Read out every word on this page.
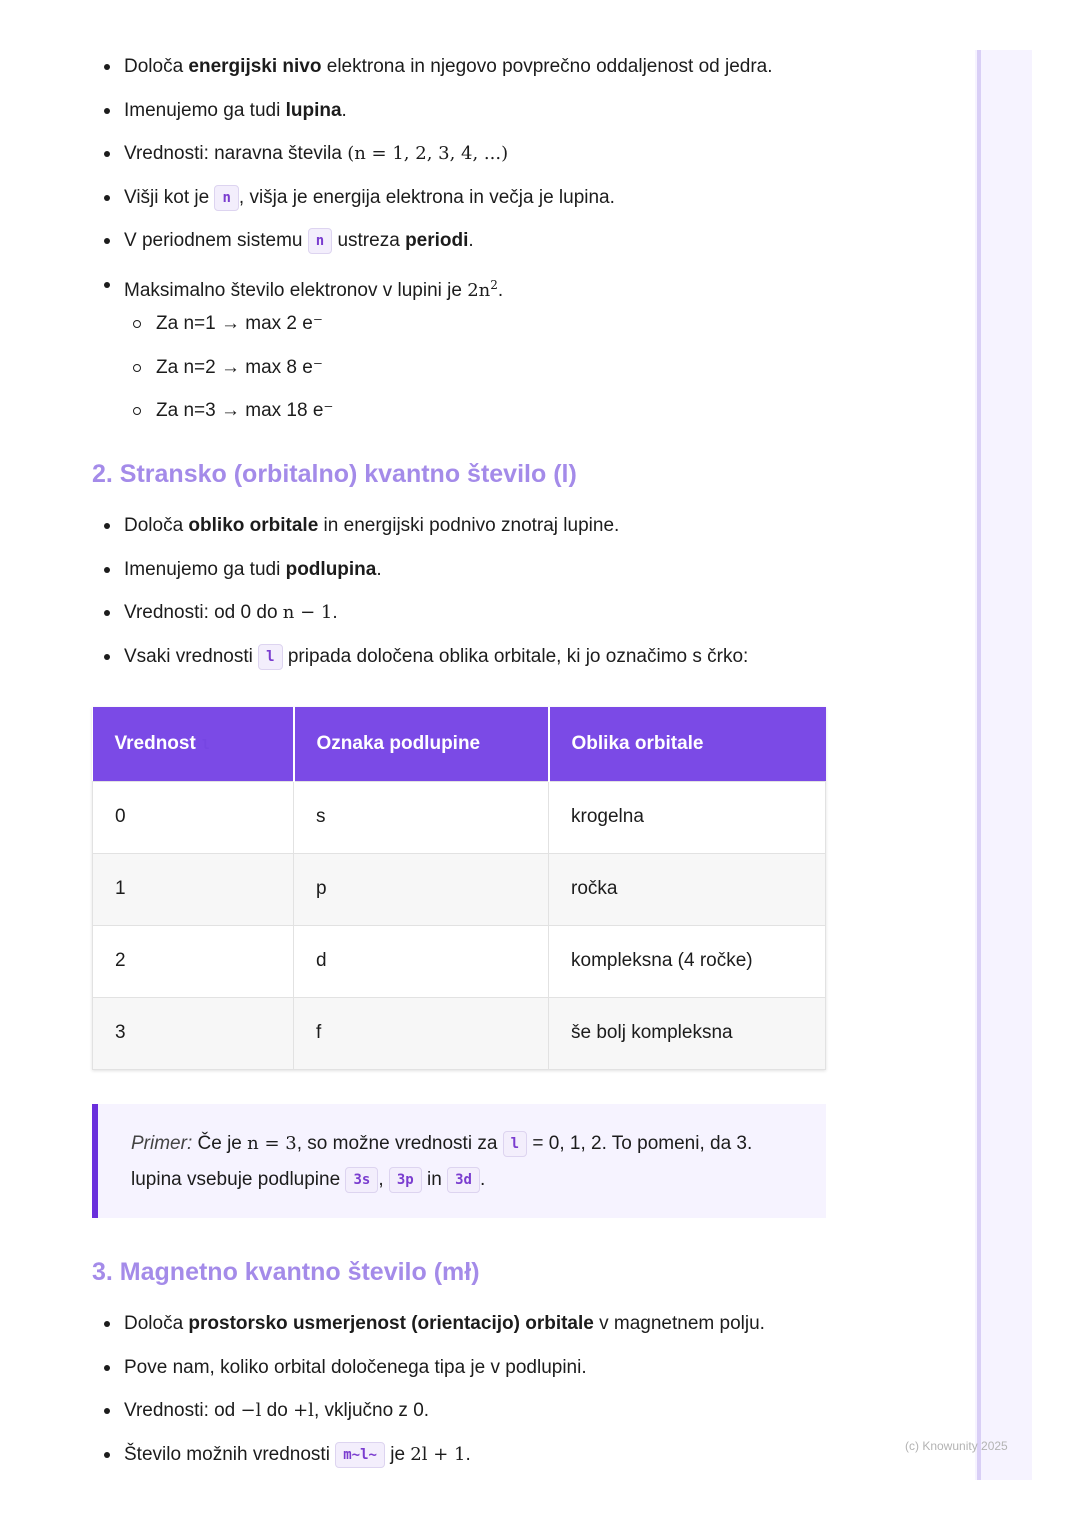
(c) Knowunity 2025
Določa energijski nivo elektrona in njegovo povprečno oddaljenost od jedra.
Imenujemo ga tudi lupina.
Vrednosti: naravna števila (n = 1, 2, 3, 4, ...)
Višji kot je n , višja je energija elektrona in večja je lupina.
V periodnem sistemu n ustreza periodi.
Maksimalno število elektronov v lupini je $2n^2$.
Za n=1 → max 2 e⁻
Za n=2 → max 8 e⁻
Za n=3 → max 18 e⁻
2. Stransko (orbitalno) kvantno število (l)
Določa obliko orbitale in energijski podnivo znotraj lupine.
Imenujemo ga tudi podlupina.
Vrednosti: od 0 do n − 1.
Vsaki vrednosti l pripada določena oblika orbitale, ki jo označimo s črko:
Vrednost l	Oznaka podlupine	Oblika orbitale
0	s	krogelna
1	p	ročka
2	d	kompleksna (4 ročke)
3	f	še bolj kompleksna
Primer: Če je n = 3, so možne vrednosti za l = 0, 1, 2. To pomeni, da 3.
lupina vsebuje podlupine 3s , 3p in 3d .
3. Magnetno kvantno število (mł)
Določa prostorsko usmerjenost (orientacijo) orbitale v magnetnem polju.
Pove nam, koliko orbital določenega tipa je v podlupini.
Vrednosti: od −l do +l, vključno z 0.
Število možnih vrednosti m~l~ je 2l + 1.
